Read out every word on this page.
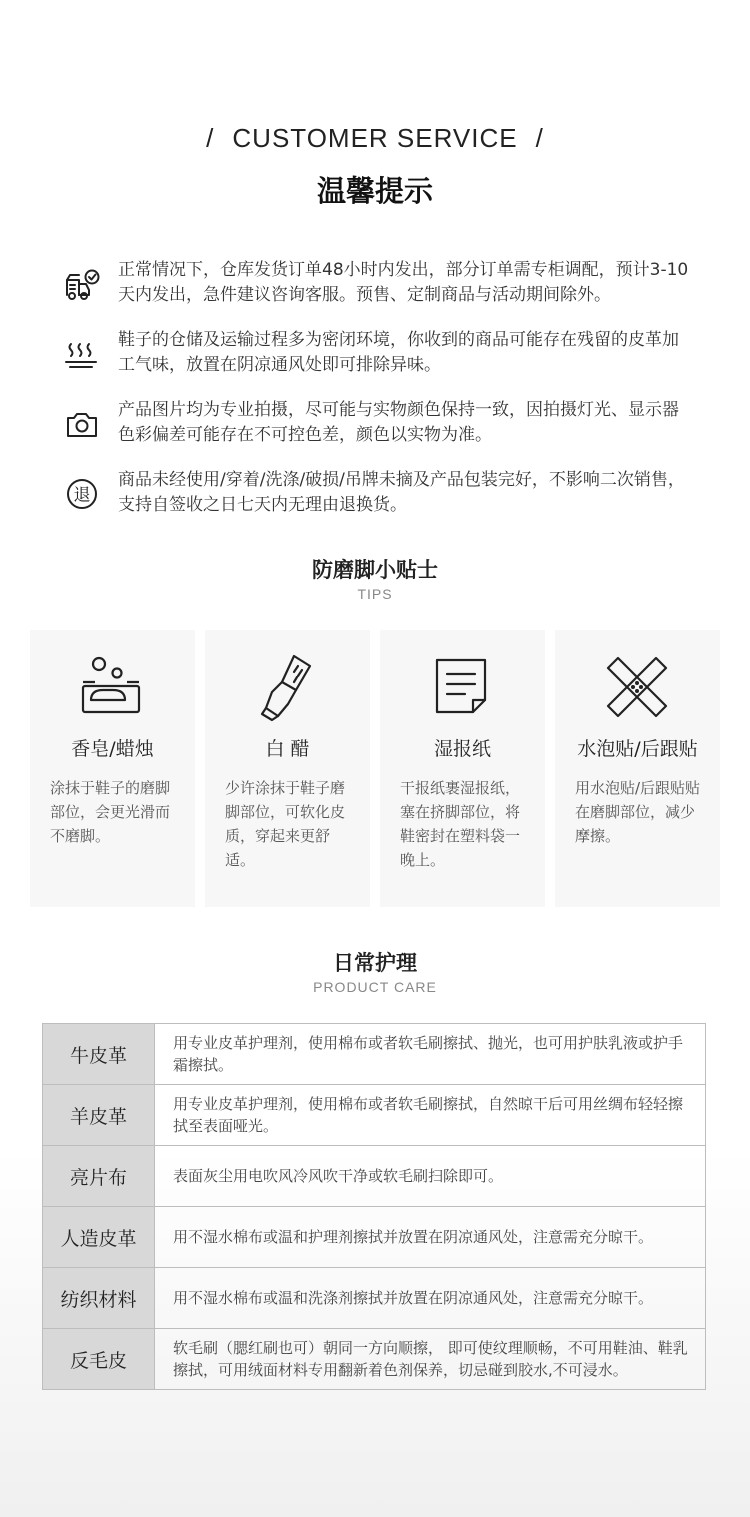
/ CUSTOMER SERVICE /
温馨提示
正常情况下，仓库发货订单48小时内发出，部分订单需专柜调配，预计3-10天内发出，急件建议咨询客服。预售、定制商品与活动期间除外。
鞋子的仓储及运输过程多为密闭环境，你收到的商品可能存在残留的皮革加工气味，放置在阴凉通风处即可排除异味。
产品图片均为专业拍摄，尽可能与实物颜色保持一致，因拍摄灯光、显示器色彩偏差可能存在不可控色差，颜色以实物为准。
退
商品未经使用/穿着/洗涤/破损/吊牌未摘及产品包装完好，不影响二次销售，支持自签收之日七天内无理由退换货。
防磨脚小贴士
TIPS
香皂/蜡烛
涂抹于鞋子的磨脚部位，会更光滑而不磨脚。
白 醋
少许涂抹于鞋子磨脚部位，可软化皮质，穿起来更舒适。
湿报纸
干报纸裹湿报纸，塞在挤脚部位，将鞋密封在塑料袋一晚上。
水泡贴/后跟贴
用水泡贴/后跟贴贴在磨脚部位，减少摩擦。
日常护理
PRODUCT CARE
牛皮革	用专业皮革护理剂，使用棉布或者软毛刷擦拭、抛光，也可用护肤乳液或护手霜擦拭。
羊皮革	用专业皮革护理剂，使用棉布或者软毛刷擦拭，自然晾干后可用丝绸布轻轻擦拭至表面哑光。
亮片布	表面灰尘用电吹风冷风吹干净或软毛刷扫除即可。
人造皮革	用不湿水棉布或温和护理剂擦拭并放置在阴凉通风处，注意需充分晾干。
纺织材料	用不湿水棉布或温和洗涤剂擦拭并放置在阴凉通风处，注意需充分晾干。
反毛皮	软毛刷（腮红刷也可）朝同一方向顺擦， 即可使纹理顺畅，不可用鞋油、鞋乳擦拭，可用绒面材料专用翻新着色剂保养，切忌碰到胶水,不可浸水。
